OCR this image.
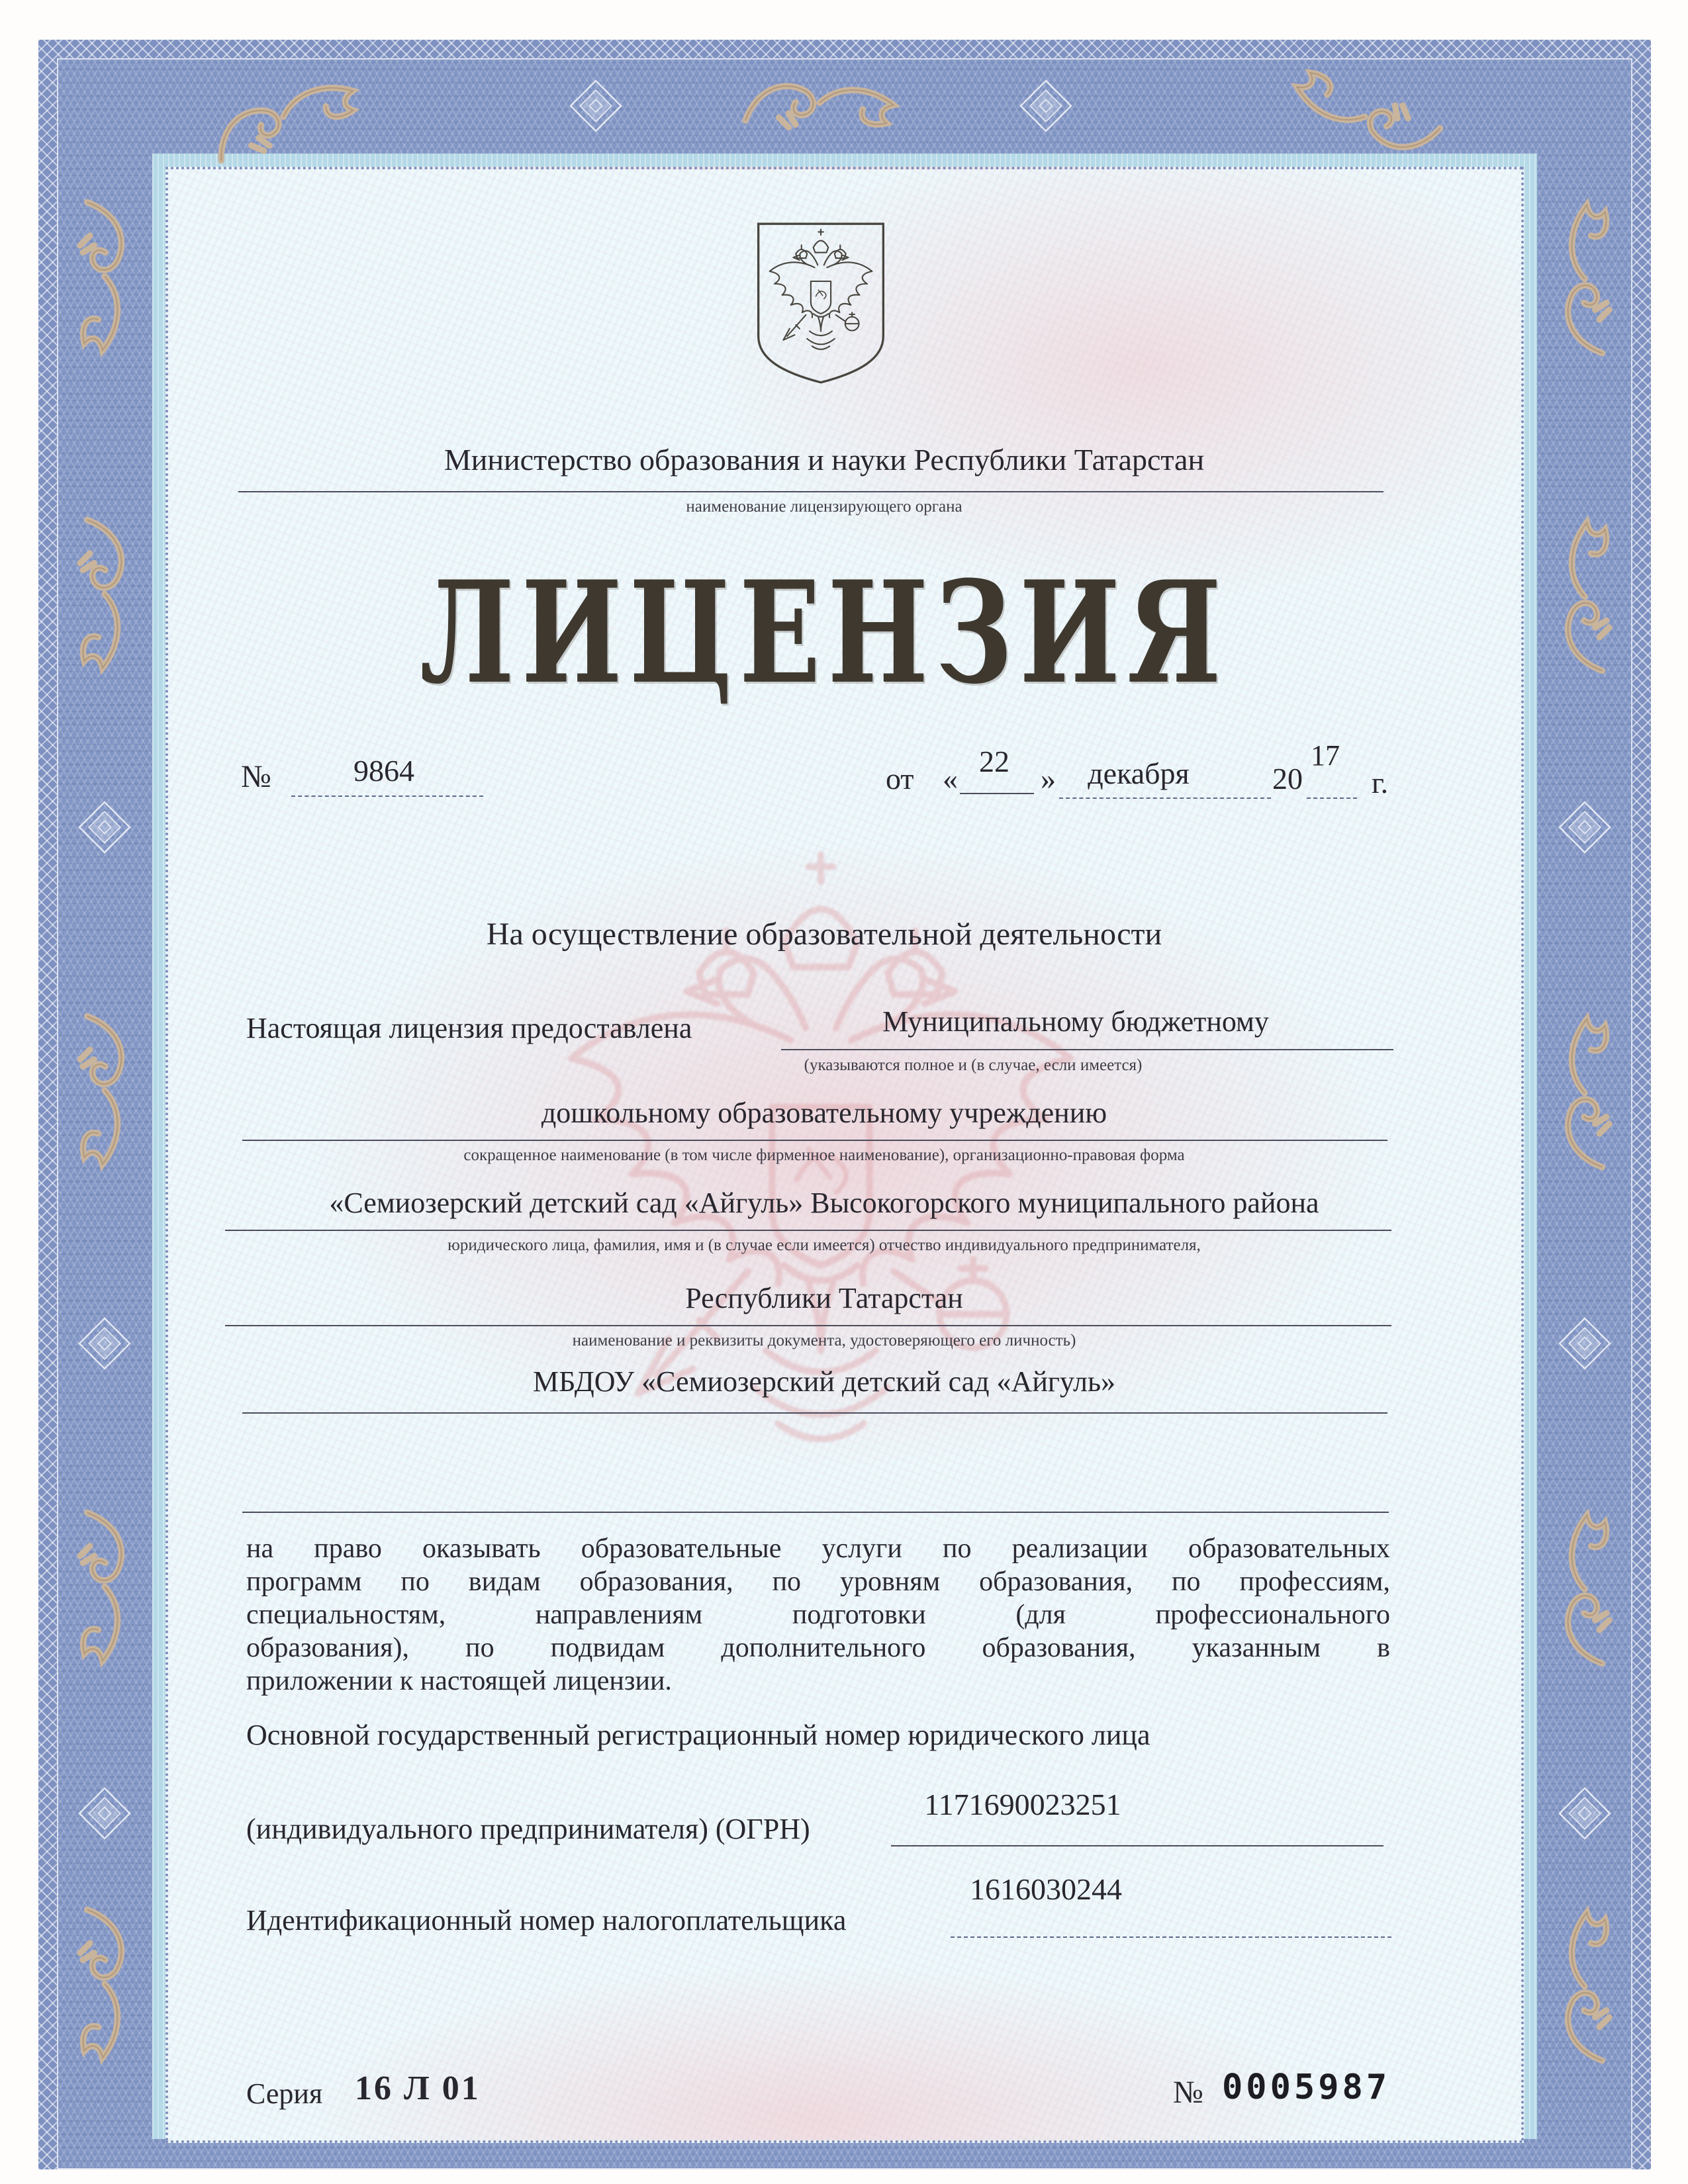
Министерство образования и науки Республики Татарстан
наименование лицензирующего органа
ЛИЦЕНЗИЯ
№	9864	от «
22
»	декабря	20
17
г.
На осуществление образовательной деятельности
Настоящая лицензия предоставлена	Муниципальному бюджетному
(указываются полное и (в случае, если имеется)
дошкольному образовательному учреждению
сокращенное наименование (в том числе фирменное наименование), организационно-правовая форма
«Семиозерский детский сад «Айгуль» Высокогорского муниципального района
юридического лица, фамилия, имя и (в случае если имеется) отчество индивидуального предпринимателя,
Республики Татарстан
наименование и реквизиты документа, удостоверяющего его личность)
МБДОУ «Семиозерский детский сад «Айгуль»
на право оказывать образовательные услуги по реализации образовательных
программ по видам образования, по уровням образования, по профессиям,
специальностям, направлениям подготовки (для профессионального
образования), по подвидам дополнительного образования, указанным в
приложении к настоящей лицензии.
Основной государственный регистрационный номер юридического лица
1171690023251
(индивидуального предпринимателя) (ОГРН)
1616030244
Идентификационный номер налогоплательщика
Серия 16 Л 01	№ 0005987
